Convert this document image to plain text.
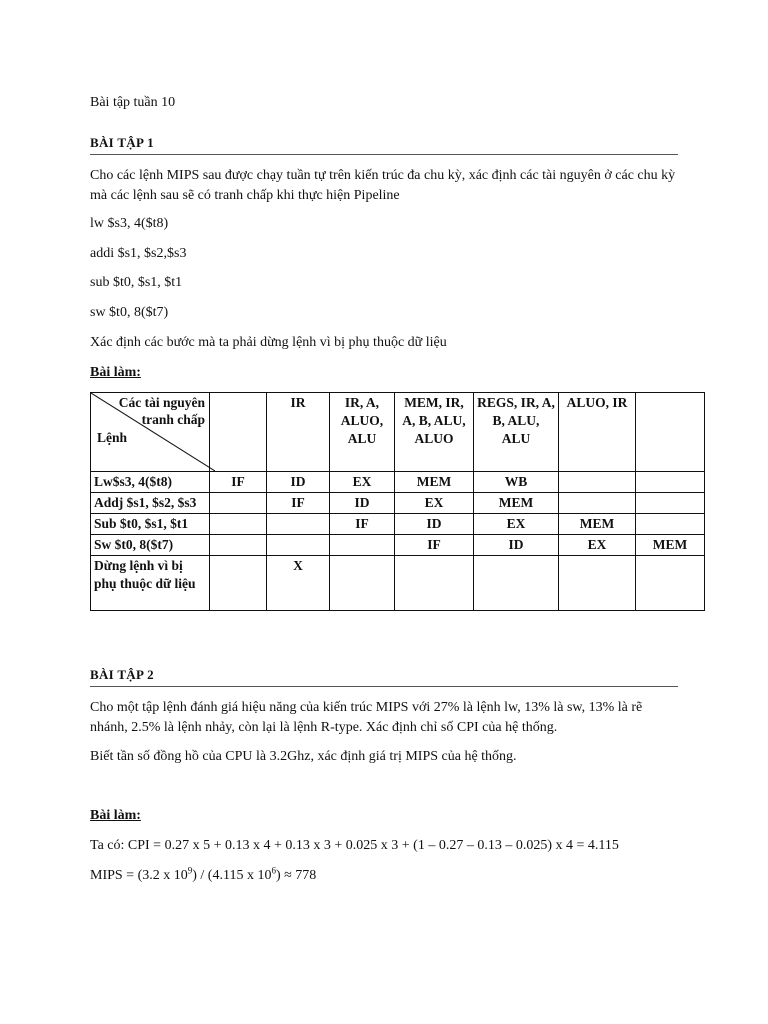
Bài tập tuần 10
BÀI TẬP 1
Cho các lệnh MIPS sau được chạy tuần tự trên kiến trúc đa chu kỳ, xác định các tài nguyên ở các chu kỳ mà các lệnh sau sẽ có tranh chấp khi thực hiện Pipeline
lw $s3, 4($t8)
addi $s1, $s2,$s3
sub $t0, $s1, $t1
sw $t0, 8($t7)
Xác định các bước mà ta phải dừng lệnh vì bị phụ thuộc dữ liệu
Bài làm:
Các tài nguyên tranh chấp
Lệnh		IR	IR, A, ALUO, ALU	MEM, IR, A, B, ALU, ALUO	REGS, IR, A, B, ALU, ALU	ALUO, IR	
Lw$s3, 4($t8)	IF	ID	EX	MEM	WB		
Addj $s1, $s2, $s3		IF	ID	EX	MEM		
Sub $t0, $s1, $t1			IF	ID	EX	MEM	
Sw $t0, 8($t7)				IF	ID	EX	MEM
Dừng lệnh vì bị phụ thuộc dữ liệu		X					
BÀI TẬP 2
Cho một tập lệnh đánh giá hiệu năng của kiến trúc MIPS với 27% là lệnh lw, 13% là sw, 13% là rẽ nhánh, 2.5% là lệnh nhảy, còn lại là lệnh R-type. Xác định chỉ số CPI của hệ thống.
Biết tần số đồng hồ của CPU là 3.2Ghz, xác định giá trị MIPS của hệ thống.
Bài làm:
Ta có: CPI = 0.27 x 5 + 0.13 x 4 + 0.13 x 3 + 0.025 x 3 + (1 – 0.27 – 0.13 – 0.025) x 4 = 4.115
MIPS = (3.2 x $10^9) / (4.115$ x $10^6) \approx 778$
